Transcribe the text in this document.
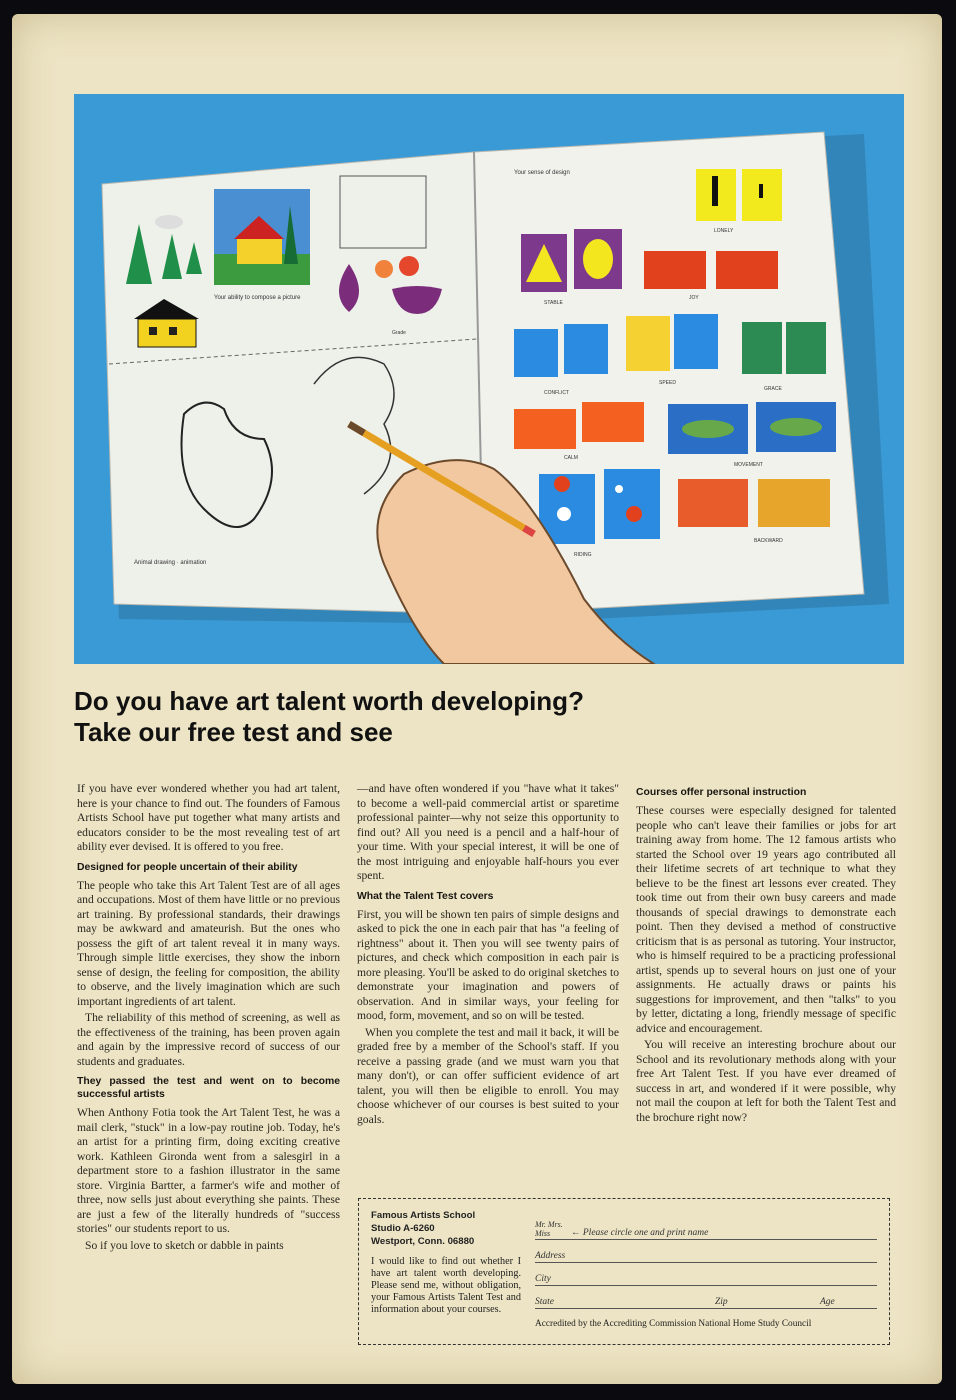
Your ability to compose a picture
Animal drawing · animation
Grade
Your sense of design
LONELY
STABLE
JOY
CONFLICT
SPEED
GRACE
CALM
MOVEMENT
RIDING
BACKWARD
Do you have art talent worth developing?
Take our free test and see

If you have ever wondered whether you had art talent, here is your chance to find out. The founders of Famous Artists School have put together what many artists and educators consider to be the most revealing test of art ability ever devised. It is offered to you free.

Designed for people uncertain of their ability

The people who take this Art Talent Test are of all ages and occupations. Most of them have little or no previous art training. By professional standards, their drawings may be awkward and amateurish. But the ones who possess the gift of art talent reveal it in many ways. Through simple little exercises, they show the inborn sense of design, the feeling for composition, the ability to observe, and the lively imagination which are such important ingredients of art talent.

The reliability of this method of screening, as well as the effectiveness of the training, has been proven again and again by the impressive record of success of our students and graduates.

They passed the test and went on to become successful artists

When Anthony Fotia took the Art Talent Test, he was a mail clerk, "stuck" in a low-pay routine job. Today, he's an artist for a printing firm, doing exciting creative work. Kathleen Gironda went from a salesgirl in a department store to a fashion illustrator in the same store. Virginia Bartter, a farmer's wife and mother of three, now sells just about everything she paints. These are just a few of the literally hundreds of "success stories" our students report to us.

So if you love to sketch or dabble in paints

—and have often wondered if you "have what it takes" to become a well-paid commercial artist or sparetime professional painter—why not seize this opportunity to find out? All you need is a pencil and a half-hour of your time. With your special interest, it will be one of the most intriguing and enjoyable half-hours you ever spent.

What the Talent Test covers

First, you will be shown ten pairs of simple designs and asked to pick the one in each pair that has "a feeling of rightness" about it. Then you will see twenty pairs of pictures, and check which composition in each pair is more pleasing. You'll be asked to do original sketches to demonstrate your imagination and powers of observation. And in similar ways, your feeling for mood, form, movement, and so on will be tested.

When you complete the test and mail it back, it will be graded free by a member of the School's staff. If you receive a passing grade (and we must warn you that many don't), or can offer sufficient evidence of art talent, you will then be eligible to enroll. You may choose whichever of our courses is best suited to your goals.

Courses offer personal instruction

These courses were especially designed for talented people who can't leave their families or jobs for art training away from home. The 12 famous artists who started the School over 19 years ago contributed all their lifetime secrets of art technique to what they believe to be the finest art lessons ever created. They took time out from their own busy careers and made thousands of special drawings to demonstrate each point. Then they devised a method of constructive criticism that is as personal as tutoring. Your instructor, who is himself required to be a practicing professional artist, spends up to several hours on just one of your assignments. He actually draws or paints his suggestions for improvement, and then "talks" to you by letter, dictating a long, friendly message of specific advice and encouragement.

You will receive an interesting brochure about our School and its revolutionary methods along with your free Art Talent Test. If you have ever dreamed of success in art, and wondered if it were possible, why not mail the coupon at left for both the Talent Test and the brochure right now?

Famous Artists School
Studio A-6260
Westport, Conn. 06880
I would like to find out whether I have art talent worth developing. Please send me, without obligation, your Famous Artists Talent Test and information about your courses.
Mr. Mrs. Miss	← Please circle one and print name
Address
City
State	Zip	Age
Accredited by the Accrediting Commission National Home Study Council
